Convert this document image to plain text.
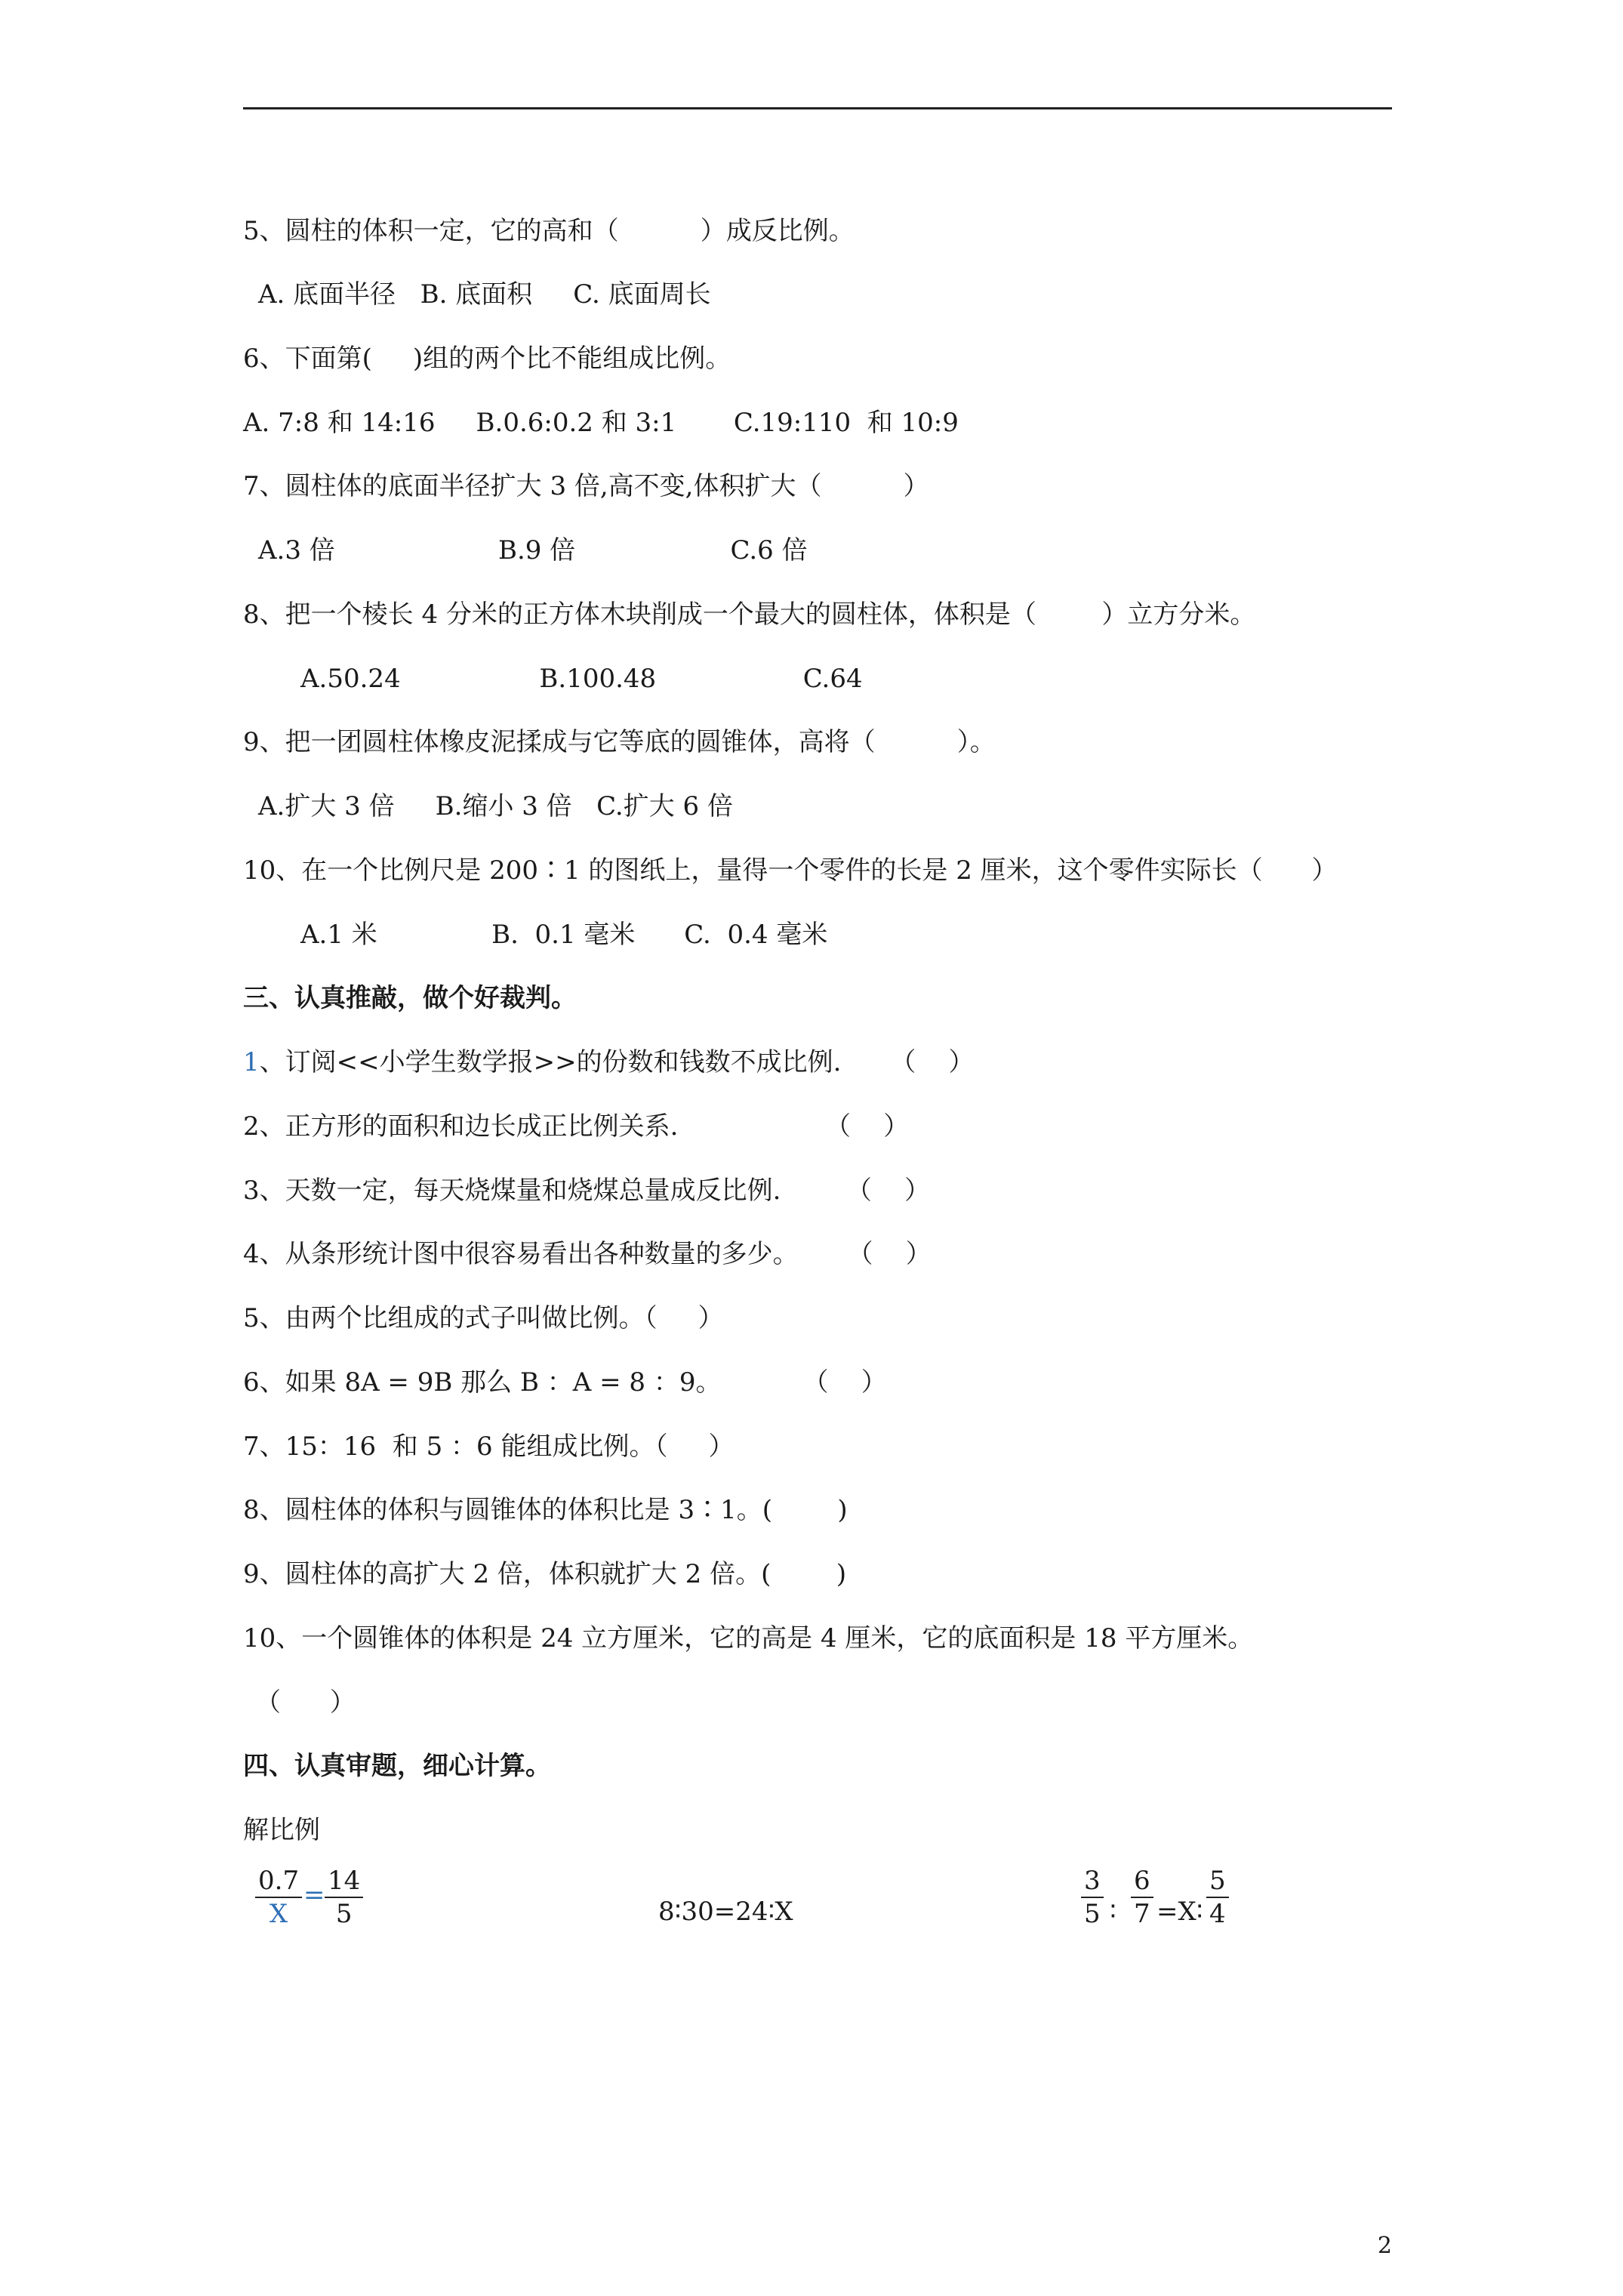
5、圆柱的体积一定，它的高和（          ）成反比例。
A. 底面半径   B. 底面积     C. 底面周长
6、下面第(     )组的两个比不能组成比例。
A. 7:8 和 14:16     B.0.6:0.2 和 3:1       C.19:110  和 10:9
7、圆柱体的底面半径扩大 3 倍,高不变,体积扩大（          ）
A.3 倍                    B.9 倍                   C.6 倍
8、把一个棱长 4 分米的正方体木块削成一个最大的圆柱体，体积是（        ）立方分米。
A.50.24                 B.100.48                  C.64
9、把一团圆柱体橡皮泥揉成与它等底的圆锥体，高将（          ）。
A.扩大 3 倍     B.缩小 3 倍   C.扩大 6 倍
10、在一个比例尺是 200∶1 的图纸上，量得一个零件的长是 2 厘米，这个零件实际长（      ）
A.1 米              B.  0.1 毫米      C.  0.4 毫米
三、认真推敲，做个好裁判。
1、订阅<<小学生数学报>>的份数和钱数不成比例.      （    ）
2、正方形的面积和边长成正比例关系.                  （    ）
3、天数一定，每天烧煤量和烧煤总量成反比例.        （    ）
4、从条形统计图中很容易看出各种数量的多少。      （    ）
5、由两个比组成的式子叫做比例。（     ）
6、如果 8A = 9B 那么 B ：A = 8 ：9。          （    ）
7、15：16  和 5 ：6 能组成比例。（     ）
8、圆柱体的体积与圆锥体的体积比是 3∶1。(        )
9、圆柱体的高扩大 2 倍，体积就扩大 2 倍。(        )
10、一个圆锥体的体积是 24 立方厘米，它的高是 4 厘米，它的底面积是 18 平方厘米。
（      ）
四、认真审题，细心计算。
解比例
$\frac{0.7}{X} = \frac{14}{5}$	8∶30=24∶X	$\frac{3}{5}$ ∶ $\frac{6}{7}$ =X∶ $\frac{5}{4}$
2
